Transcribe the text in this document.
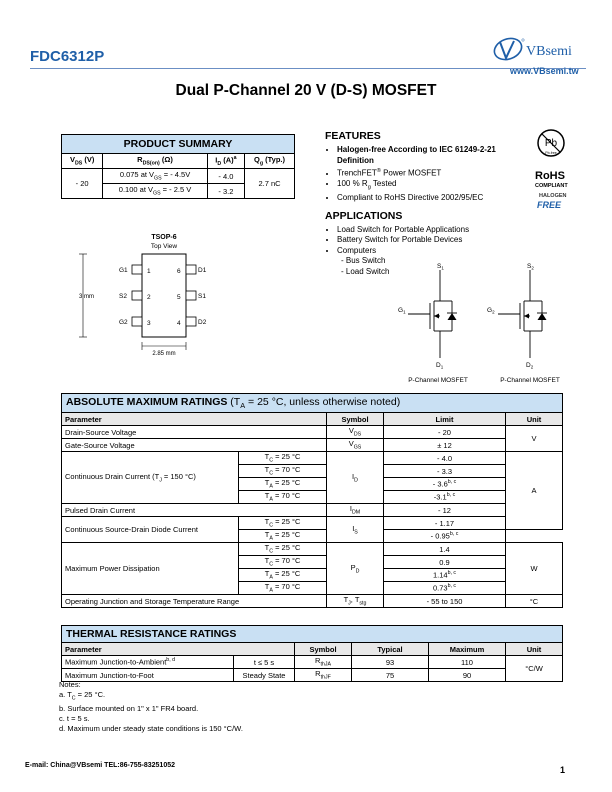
FDC6312P	VBsemi
www.VBsemi.tw
Dual P-Channel 20 V (D-S) MOSFET
PRODUCT SUMMARY			
$V_{DS}$ (V)	$R_{DS(on)}$ (Ω)	$I_D$ $(A)^a$	$Q_g$ (Typ.)
- 20	0.075 at $V_{GS}$ = - 4.5V	- 4.0	2.7 nC
	0.100 at $V_{GS}$ = - 2.5 V	- 3.2	
FEATURES
• Halogen-free According to IEC 61249-2-21 Definition
• TrenchFET® Power MOSFET
• 100 % $R_g$ Tested
• Compliant to RoHS Directive 2002/95/EC
APPLICATIONS
• Load Switch for Portable Applications
• Battery Switch for Portable Devices
• Computers
- Bus Switch
- Load Switch
Pb
Pb-free
RoHS
COMPLIANT
HALOGEN
FREE
TSOP-6
Top View
G1
S2
G2
D1
S1
D2
1
2
3
6
5
4
3 mm
2.85 mm
$S_1$
$G_1$
$D_1$
$S_2$
$G_2$
$D_2$
P-Channel MOSFET	P-Channel MOSFET
ABSOLUTE MAXIMUM RATINGS ($T_A = 25$ °C, unless otherwise noted)				
Parameter		Symbol	Limit	Unit
Drain-Source Voltage		$V_{DS}$	- 20	V
Gate-Source Voltage		$V_{GS}$	± 12	
Continuous Drain Current ($T_J = 150$ °C)	$T_C = 25$ °C	$I_D$	- 4.0	A
	$T_C = 70$ °C		- 3.3	
	$T_A = 25$ °C		- 3.6$^{b, c}$
	$T_A = 70$ °C		-3.1$^{b, c}$
Pulsed Drain Current		$I_{DM}$	- 12	
Continuous Source-Drain Diode Current	$T_C = 25$ °C	$I_S$	- 1.17	
	$T_A = 25$ °C		- 0.95$^{b, c}$
Maximum Power Dissipation	$T_C = 25$ °C	$P_D$	1.4	W
	$T_C = 70$ °C		0.9	
	$T_A = 25$ °C		1.14$^{b, c}$
	$T_A = 70$ °C		0.73$^{b, c}$
Operating Junction and Storage Temperature Range		$T_J$, $T_{stg}$	- 55 to 150	°C
THERMAL RESISTANCE RATINGS					
Parameter		Symbol	Typical	Maximum	Unit
Maximum Junction-to-Ambient$^{b, d}$	t ≤ 5 s	$R_{thJA}$	93	110	°C/W
Maximum Junction-to-Foot	Steady State	$R_{thJF}$	75	90	
Notes:
a. $T_C = 25$ °C.
b. Surface mounted on 1" x 1" FR4 board.
c. t = 5 s.
d. Maximum under steady state conditions is 150 °C/W.
E-mail: China@VBsemi TEL:86-755-83251052	1
